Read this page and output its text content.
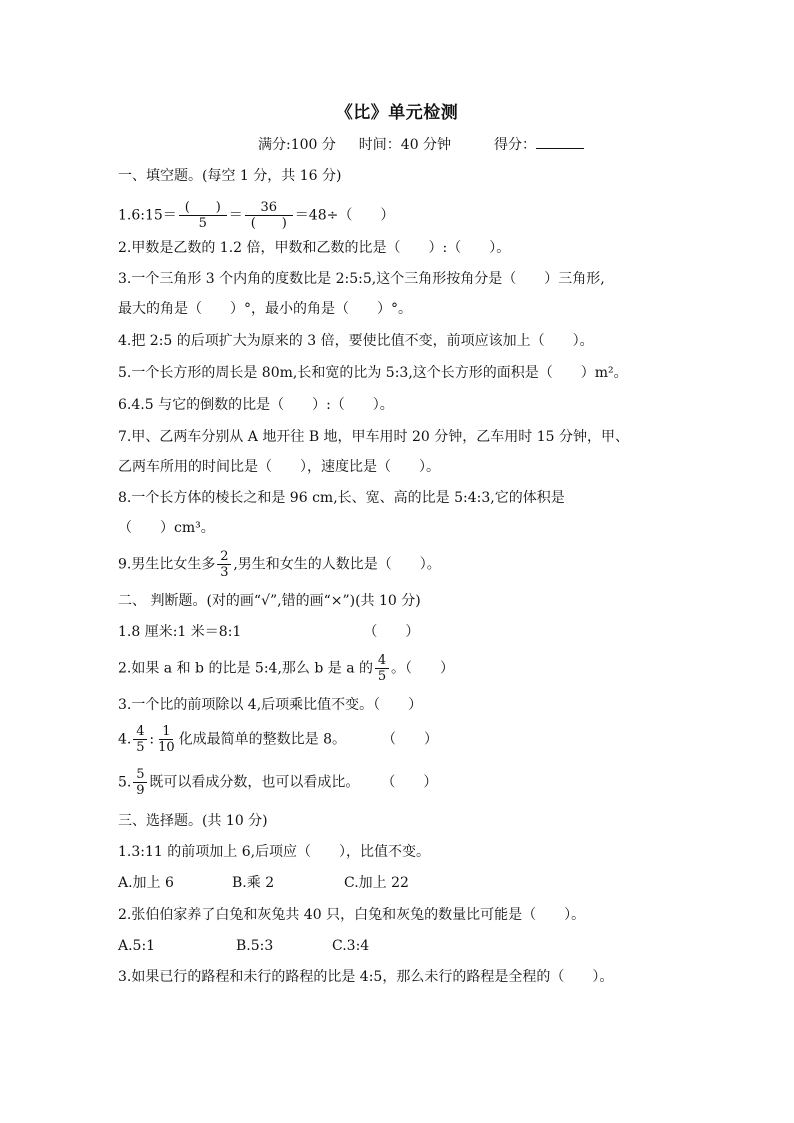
《比》单元检测
满分:100 分 时间：40 分钟	得分：
一、填空题。(每空 1 分，共 16 分)
1.6:15＝ $\frac{( )}{5} = \frac{36}{( )} =48\div$（　　）
2.甲数是乙数的 1.2 倍，甲数和乙数的比是（　　）:（　　）。
3.一个三角形 3 个内角的度数比是 2:5:5,这个三角形按角分是（　　）三角形,
最大的角是（　　）°，最小的角是（　　）°。
4.把 2:5 的后项扩大为原来的 3 倍，要使比值不变，前项应该加上（　　）。
5.一个长方形的周长是 80m,长和宽的比为 5:3,这个长方形的面积是（　　）m²。
6.4.5 与它的倒数的比是（　　）:（　　）。
7.甲、乙两车分别从 A 地开往 B 地，甲车用时 20 分钟，乙车用时 15 分钟，甲、
乙两车所用的时间比是（　　），速度比是（　　）。
8.一个长方体的棱长之和是 96 cm,长、宽、高的比是 5:4:3,它的体积是
（　　）cm³。
9.男生比女生多 $\frac{2}{3}$ ,男生和女生的人数比是（　　）。
二、 判断题。(对的画“√”,错的画“×”)(共 10 分)
1.8 厘米:1 米＝8:1	（　　）
2.如果 a 和 b 的比是 5:4,那么 b 是 a 的 $\frac{4}{5}$ 。（　　）
3.一个比的前项除以 4,后项乘比值不变。（　　）
4. $\frac{4}{5}$ : $\frac{1}{10}$ 化成最简单的整数比是 8。	（　　）
5. $\frac{5}{9}$ 既可以看成分数，也可以看成比。 （　　）
三、选择题。(共 10 分)
1.3:11 的前项加上 6,后项应（　　），比值不变。
A.加上 6	B.乘 2	C.加上 22
2.张伯伯家养了白兔和灰兔共 40 只，白兔和灰兔的数量比可能是（　　）。
A.5:1	B.5:3	C.3:4
3.如果已行的路程和未行的路程的比是 4:5，那么未行的路程是全程的（　　）。
